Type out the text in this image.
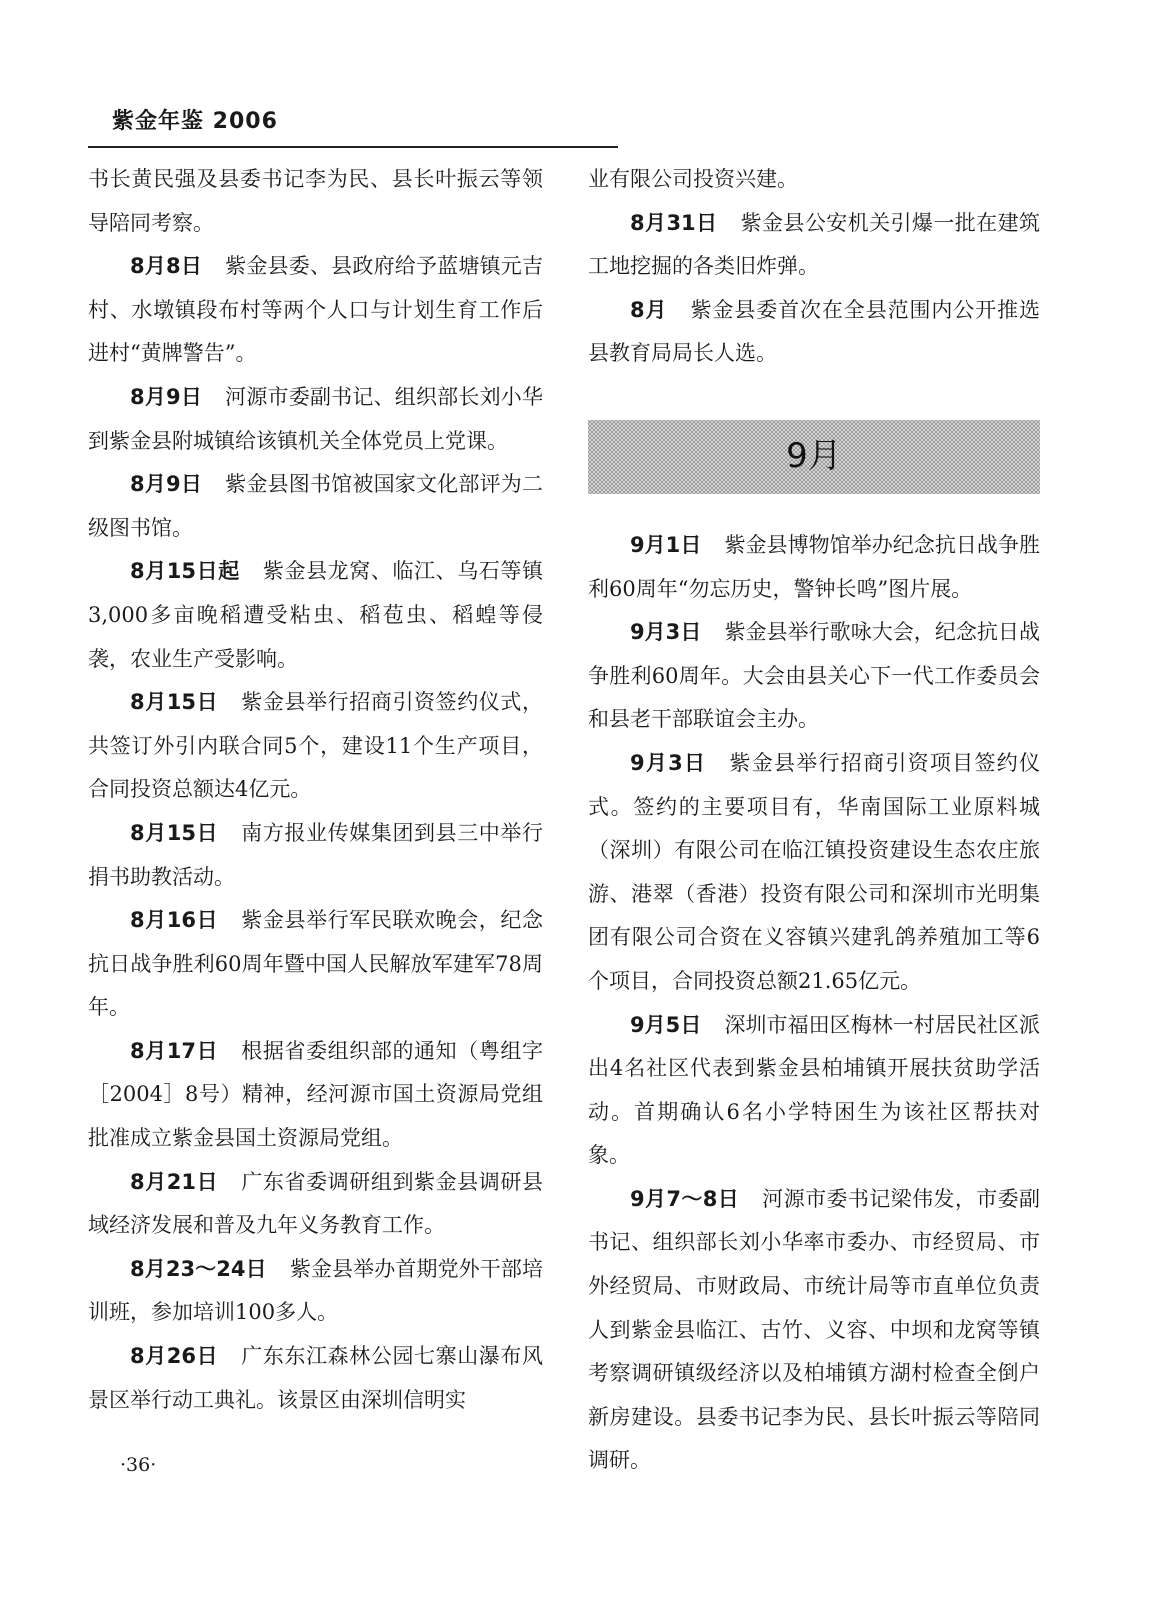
紫金年鉴 2006

书长黄民强及县委书记李为民、县长叶振云等领导陪同考察。

8月8日 紫金县委、县政府给予蓝塘镇元吉村、水墩镇段布村等两个人口与计划生育工作后进村“黄牌警告”。

8月9日 河源市委副书记、组织部长刘小华到紫金县附城镇给该镇机关全体党员上党课。

8月9日 紫金县图书馆被国家文化部评为二级图书馆。

8月15日起 紫金县龙窝、临江、乌石等镇3,000多亩晚稻遭受粘虫、稻苞虫、稻蝗等侵袭，农业生产受影响。

8月15日 紫金县举行招商引资签约仪式，共签订外引内联合同5个，建设11个生产项目，合同投资总额达4亿元。

8月15日 南方报业传媒集团到县三中举行捐书助教活动。

8月16日 紫金县举行军民联欢晚会，纪念抗日战争胜利60周年暨中国人民解放军建军78周年。

8月17日 根据省委组织部的通知（粤组字［2004］8号）精神，经河源市国土资源局党组批准成立紫金县国土资源局党组。

8月21日 广东省委调研组到紫金县调研县域经济发展和普及九年义务教育工作。

8月23～24日 紫金县举办首期党外干部培训班，参加培训100多人。

8月26日 广东东江森林公园七寨山瀑布风景区举行动工典礼。该景区由深圳信明实

业有限公司投资兴建。

8月31日 紫金县公安机关引爆一批在建筑工地挖掘的各类旧炸弹。

8月 紫金县委首次在全县范围内公开推选县教育局局长人选。

9月

9月1日 紫金县博物馆举办纪念抗日战争胜利60周年“勿忘历史，警钟长鸣”图片展。

9月3日 紫金县举行歌咏大会，纪念抗日战争胜利60周年。大会由县关心下一代工作委员会和县老干部联谊会主办。

9月3日 紫金县举行招商引资项目签约仪式。签约的主要项目有，华南国际工业原料城（深圳）有限公司在临江镇投资建设生态农庄旅游、港翠（香港）投资有限公司和深圳市光明集团有限公司合资在义容镇兴建乳鸽养殖加工等6个项目，合同投资总额21.65亿元。

9月5日 深圳市福田区梅林一村居民社区派出4名社区代表到紫金县柏埔镇开展扶贫助学活动。首期确认6名小学特困生为该社区帮扶对象。

9月7～8日 河源市委书记梁伟发，市委副书记、组织部长刘小华率市委办、市经贸局、市外经贸局、市财政局、市统计局等市直单位负责人到紫金县临江、古竹、义容、中坝和龙窝等镇考察调研镇级经济以及柏埔镇方湖村检查全倒户新房建设。县委书记李为民、县长叶振云等陪同调研。

·36·
